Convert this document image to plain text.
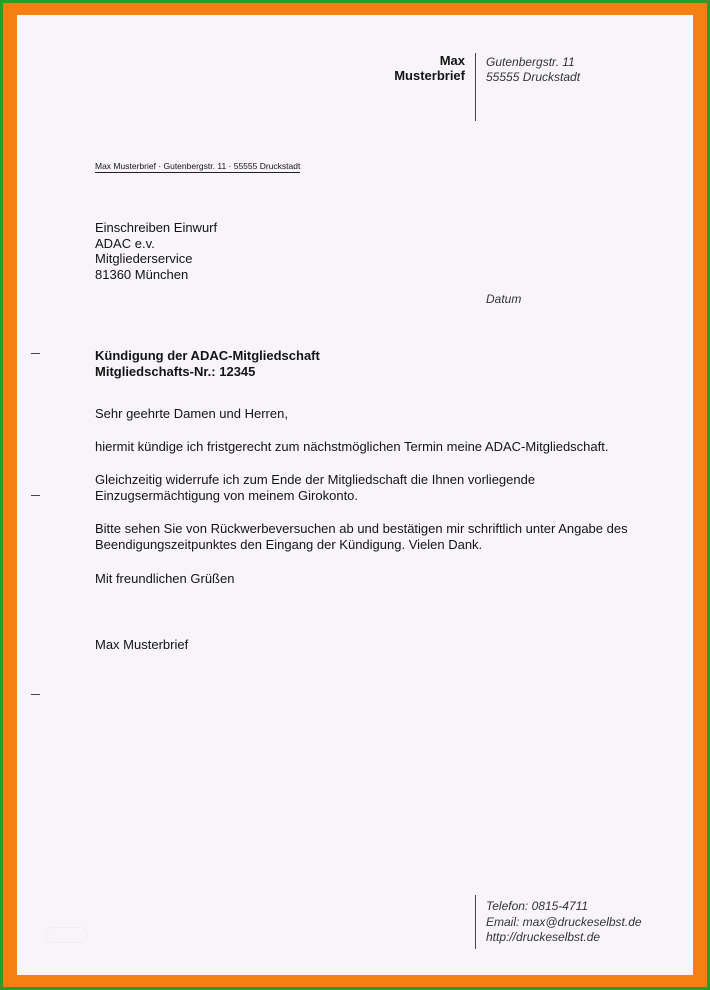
Max
Musterbrief
Gutenbergstr. 11
55555 Druckstadt
Max Musterbrief · Gutenbergstr. 11 · 55555 Druckstadt
Einschreiben Einwurf
ADAC e.v.
Mitgliederservice
81360 München
Datum
Kündigung der ADAC-Mitgliedschaft
Mitgliedschafts-Nr.: 12345
Sehr geehrte Damen und Herren,
hiermit kündige ich fristgerecht zum nächstmöglichen Termin meine ADAC-Mitgliedschaft.
Gleichzeitig widerrufe ich zum Ende der Mitgliedschaft die Ihnen vorliegende
Einzugsermächtigung von meinem Girokonto.
Bitte sehen Sie von Rückwerbeversuchen ab und bestätigen mir schriftlich unter Angabe des
Beendigungszeitpunktes den Eingang der Kündigung. Vielen Dank.
Mit freundlichen Grüßen
Max Musterbrief
Telefon: 0815-4711
Email: max@druckeselbst.de
http://druckeselbst.de
